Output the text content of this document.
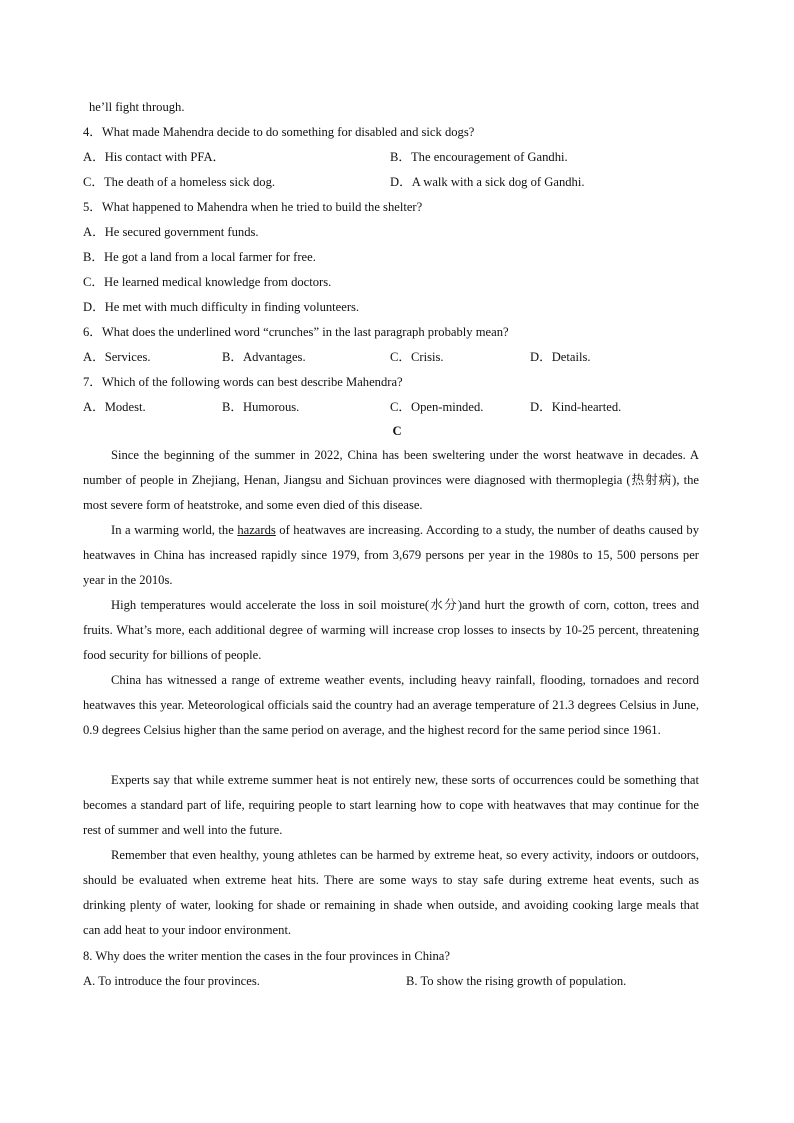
he’ll fight through.
4．What made Mahendra decide to do something for disabled and sick dogs?
A．His contact with PFA．	B．The encouragement of Gandhi.
C．The death of a homeless sick dog.	D．A walk with a sick dog of Gandhi.
5．What happened to Mahendra when he tried to build the shelter?
A．He secured government funds.
B．He got a land from a local farmer for free.
C．He learned medical knowledge from doctors.
D．He met with much difficulty in finding volunteers.
6．What does the underlined word “crunches” in the last paragraph probably mean?
A．Services.	B．Advantages.	C．Crisis.	D．Details.
7．Which of the following words can best describe Mahendra?
A．Modest.	B．Humorous.	C．Open-minded.	D．Kind-hearted.
C
Since the beginning of the summer in 2022, China has been sweltering under the worst heatwave in decades. A number of people in Zhejiang, Henan, Jiangsu and Sichuan provinces were diagnosed with thermoplegia (热射病), the most severe form of heatstroke, and some even died of this disease.
In a warming world, the hazards of heatwaves are increasing. According to a study, the number of deaths caused by heatwaves in China has increased rapidly since 1979, from 3,679 persons per year in the 1980s to 15, 500 persons per year in the 2010s.
High temperatures would accelerate the loss in soil moisture(水分)and hurt the growth of corn, cotton, trees and fruits. What’s more, each additional degree of warming will increase crop losses to insects by 10-25 percent, threatening food security for billions of people.
China has witnessed a range of extreme weather events, including heavy rainfall, flooding, tornadoes and record heatwaves this year. Meteorological officials said the country had an average temperature of 21.3 degrees Celsius in June, 0.9 degrees Celsius higher than the same period on average, and the highest record for the same period since 1961.
Experts say that while extreme summer heat is not entirely new, these sorts of occurrences could be something that becomes a standard part of life, requiring people to start learning how to cope with heatwaves that may continue for the rest of summer and well into the future.
Remember that even healthy, young athletes can be harmed by extreme heat, so every activity, indoors or outdoors, should be evaluated when extreme heat hits. There are some ways to stay safe during extreme heat events, such as drinking plenty of water, looking for shade or remaining in shade when outside, and avoiding cooking large meals that can add heat to your indoor environment.
8. Why does the writer mention the cases in the four provinces in China?
A. To introduce the four provinces.	B. To show the rising growth of population.
